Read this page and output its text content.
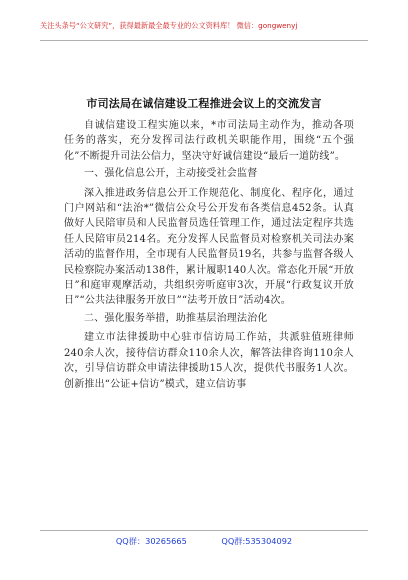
关注头条号“公文研究”，获得最新最全最专业的公文资料库！ 微信：gongwenyj
市司法局在诚信建设工程推进会议上的交流发言

自诚信建设工程实施以来，*市司法局主动作为，推动各项任务的落实，充分发挥司法行政机关职能作用，围绕“五个强化”不断提升司法公信力，坚决守好诚信建设“最后一道防线”。

一、强化信息公开，主动接受社会监督

深入推进政务信息公开工作规范化、制度化、程序化，通过门户网站和“法治*”微信公众号公开发布各类信息452条。认真做好人民陪审员和人民监督员选任管理工作，通过法定程序共选任人民陪审员214名。充分发挥人民监督员对检察机关司法办案活动的监督作用，全市现有人民监督员19名，共参与监督各级人民检察院办案活动138件，累计履职140人次。常态化开展“开放日”和庭审观摩活动，共组织旁听庭审3次，开展“行政复议开放日”“公共法律服务开放日”“法考开放日”活动4次。

二、强化服务举措，助推基层治理法治化

建立市法律援助中心驻市信访局工作站，共派驻值班律师240余人次，接待信访群众110余人次，解答法律咨询110余人次，引导信访群众申请法律援助15人次，提供代书服务1人次。创新推出“公证+信访”模式，建立信访事

QQ群：30265665	QQ群:535304092
